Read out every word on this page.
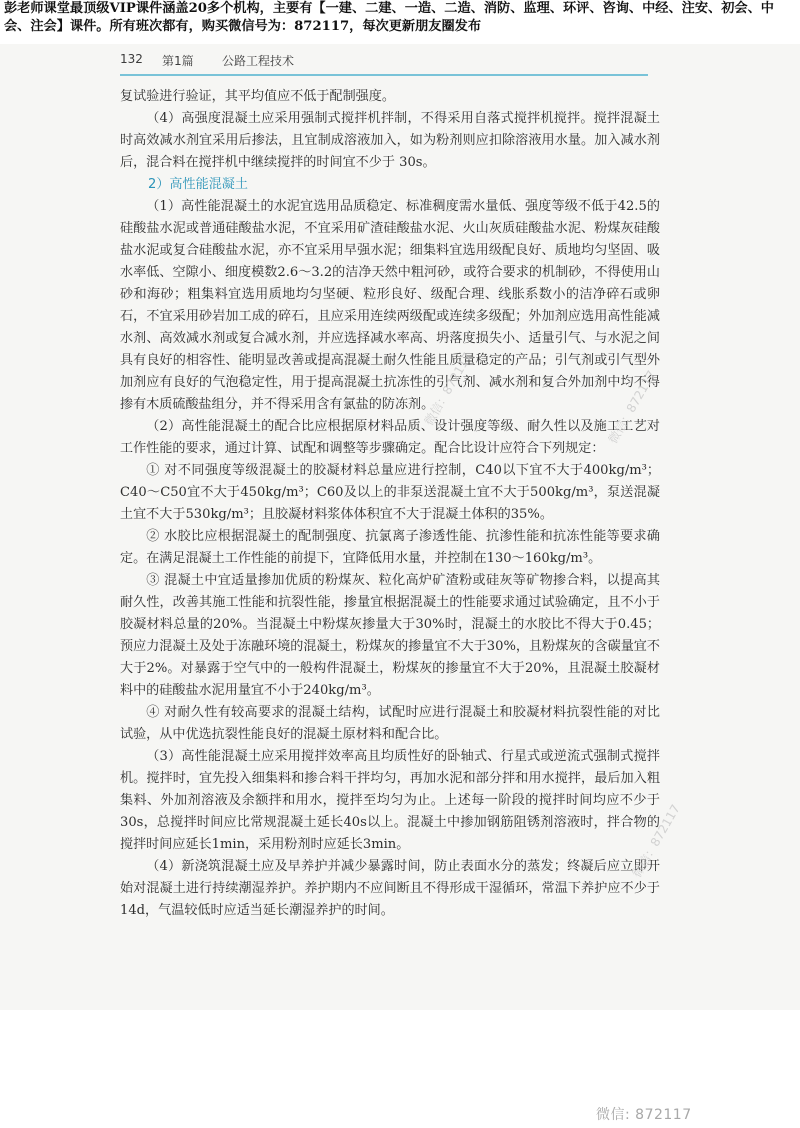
彭老师课堂最顶级VIP课件涵盖20多个机构，主要有【一建、二建、一造、二造、消防、监理、环评、咨询、中经、注安、初会、中会、注会】课件。所有班次都有，购买微信号为：872117，每次更新朋友圈发布
132 第1篇 公路工程技术

复试验进行验证，其平均值应不低于配制强度。

（4）高强度混凝土应采用强制式搅拌机拌制，不得采用自落式搅拌机搅拌。搅拌混凝土时高效减水剂宜采用后掺法，且宜制成溶液加入，如为粉剂则应扣除溶液用水量。加入减水剂后，混合料在搅拌机中继续搅拌的时间宜不少于 30s。

2）高性能混凝土

（1）高性能混凝土的水泥宜选用品质稳定、标准稠度需水量低、强度等级不低于42.5的硅酸盐水泥或普通硅酸盐水泥，不宜采用矿渣硅酸盐水泥、火山灰质硅酸盐水泥、粉煤灰硅酸盐水泥或复合硅酸盐水泥，亦不宜采用早强水泥；细集料宜选用级配良好、质地均匀坚固、吸水率低、空隙小、细度模数2.6～3.2的洁净天然中粗河砂，或符合要求的机制砂，不得使用山砂和海砂；粗集料宜选用质地均匀坚硬、粒形良好、级配合理、线胀系数小的洁净碎石或卵石，不宜采用砂岩加工成的碎石，且应采用连续两级配或连续多级配；外加剂应选用高性能减水剂、高效减水剂或复合减水剂，并应选择减水率高、坍落度损失小、适量引气、与水泥之间具有良好的相容性、能明显改善或提高混凝土耐久性能且质量稳定的产品；引气剂或引气型外加剂应有良好的气泡稳定性，用于提高混凝土抗冻性的引气剂、减水剂和复合外加剂中均不得掺有木质硫酸盐组分，并不得采用含有氯盐的防冻剂。

（2）高性能混凝土的配合比应根据原材料品质、设计强度等级、耐久性以及施工工艺对工作性能的要求，通过计算、试配和调整等步骤确定。配合比设计应符合下列规定：

① 对不同强度等级混凝土的胶凝材料总量应进行控制，C40以下宜不大于400kg/m³；C40～C50宜不大于450kg/m³；C60及以上的非泵送混凝土宜不大于500kg/m³，泵送混凝土宜不大于530kg/m³；且胶凝材料浆体体积宜不大于混凝土体积的35%。

② 水胶比应根据混凝土的配制强度、抗氯离子渗透性能、抗渗性能和抗冻性能等要求确定。在满足混凝土工作性能的前提下，宜降低用水量，并控制在130～160kg/m³。

③ 混凝土中宜适量掺加优质的粉煤灰、粒化高炉矿渣粉或硅灰等矿物掺合料，以提高其耐久性，改善其施工性能和抗裂性能，掺量宜根据混凝土的性能要求通过试验确定，且不小于胶凝材料总量的20%。当混凝土中粉煤灰掺量大于30%时，混凝土的水胶比不得大于0.45；预应力混凝土及处于冻融环境的混凝土，粉煤灰的掺量宜不大于30%，且粉煤灰的含碳量宜不大于2%。对暴露于空气中的一般构件混凝土，粉煤灰的掺量宜不大于20%，且混凝土胶凝材料中的硅酸盐水泥用量宜不小于240kg/m³。

④ 对耐久性有较高要求的混凝土结构，试配时应进行混凝土和胶凝材料抗裂性能的对比试验，从中优选抗裂性能良好的混凝土原材料和配合比。

（3）高性能混凝土应采用搅拌效率高且均质性好的卧轴式、行星式或逆流式强制式搅拌机。搅拌时，宜先投入细集料和掺合料干拌均匀，再加水泥和部分拌和用水搅拌，最后加入粗集料、外加剂溶液及余额拌和用水，搅拌至均匀为止。上述每一阶段的搅拌时间均应不少于30s，总搅拌时间应比常规混凝土延长40s以上。混凝土中掺加钢筋阻锈剂溶液时，拌合物的搅拌时间应延长1min，采用粉剂时应延长3min。

（4）新浇筑混凝土应及早养护并减少暴露时间，防止表面水分的蒸发；终凝后应立即开始对混凝土进行持续潮湿养护。养护期内不应间断且不得形成干湿循环，常温下养护应不少于14d，气温较低时应适当延长潮湿养护的时间。

微信：872117
微信：872117
微信：872117
微信: 872117
